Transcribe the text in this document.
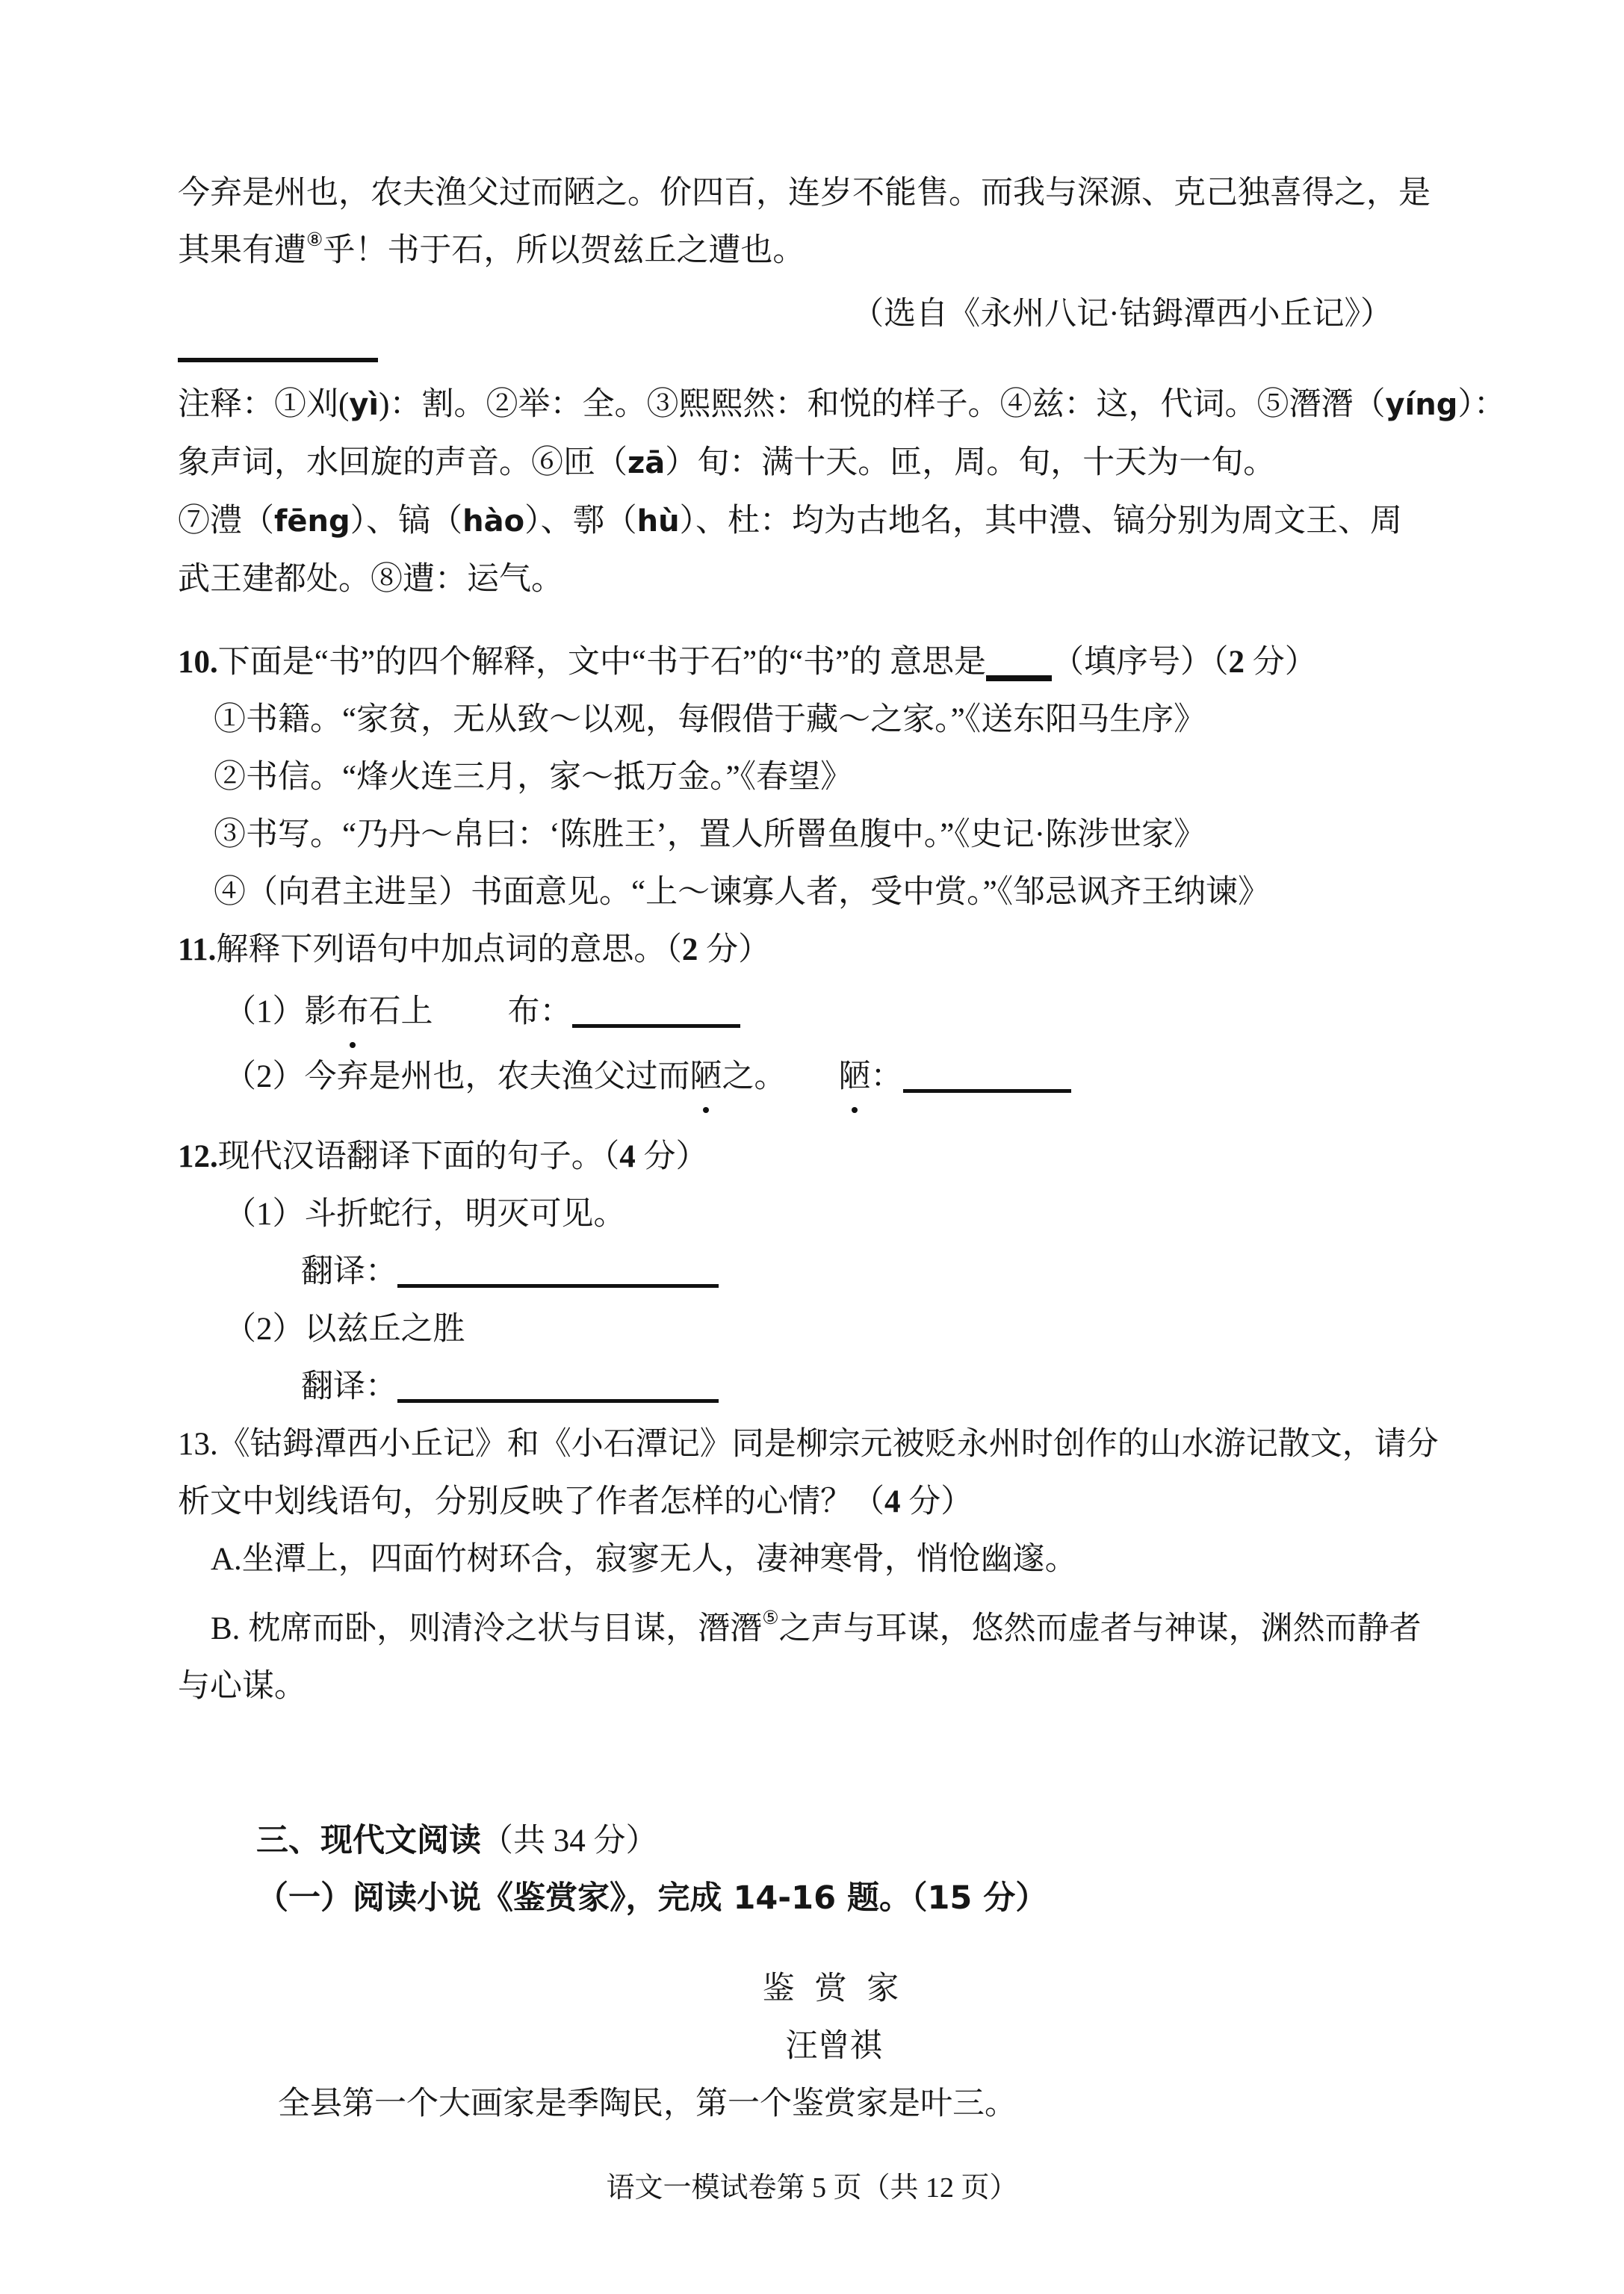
今弃是州也，农夫渔父过而陋之。价四百，连岁不能售。而我与深源、克己独喜得之，是

其果有遭⑧乎！书于石，所以贺兹丘之遭也。

（选自《永州八记·钴鉧潭西小丘记》）

注释：①刈(yì)：割。②举：全。③熙熙然：和悦的样子。④兹：这，代词。⑤潛潛（yíng）：

象声词，水回旋的声音。⑥匝（zā）旬：满十天。匝，周。旬，十天为一旬。

⑦澧（fēng）、镐（hào）、鄠（hù）、杜：均为古地名，其中澧、镐分别为周文王、周

武王建都处。⑧遭：运气。

10.下面是“书”的四个解释，文中“书于石”的“书”的 意思是 （填序号）（2 分）

①书籍。“家贫，无从致～以观，每假借于藏～之家。”《送东阳马生序》

②书信。“烽火连三月，家～抵万金。”《春望》

③书写。“乃丹～帛曰：‘陈胜王’，置人所罾鱼腹中。”《史记·陈涉世家》

④（向君主进呈）书面意见。“上～谏寡人者，受中赏。”《邹忌讽齐王纳谏》

11.解释下列语句中加点词的意思。（2 分）

（1）影布石上 布：

（2）今弃是州也，农夫渔父过而陋之。 陋：

12.现代汉语翻译下面的句子。（4 分）

（1）斗折蛇行，明灭可见。

翻译：

（2）以兹丘之胜

翻译：

13.《钴鉧潭西小丘记》和《小石潭记》同是柳宗元被贬永州时创作的山水游记散文，请分

析文中划线语句，分别反映了作者怎样的心情？（4 分）

A.坐潭上，四面竹树环合，寂寥无人，凄神寒骨，悄怆幽邃。

B. 枕席而卧，则清泠之状与目谋，潛潛⑤之声与耳谋，悠然而虚者与神谋，渊然而静者

与心谋。

三、现代文阅读（共 34 分）

（一）阅读小说《鉴赏家》，完成 14-16 题。（15 分）

鉴 赏 家

汪曾祺

全县第一个大画家是季陶民，第一个鉴赏家是叶三。

语文一模试卷第 5 页（共 12 页）
